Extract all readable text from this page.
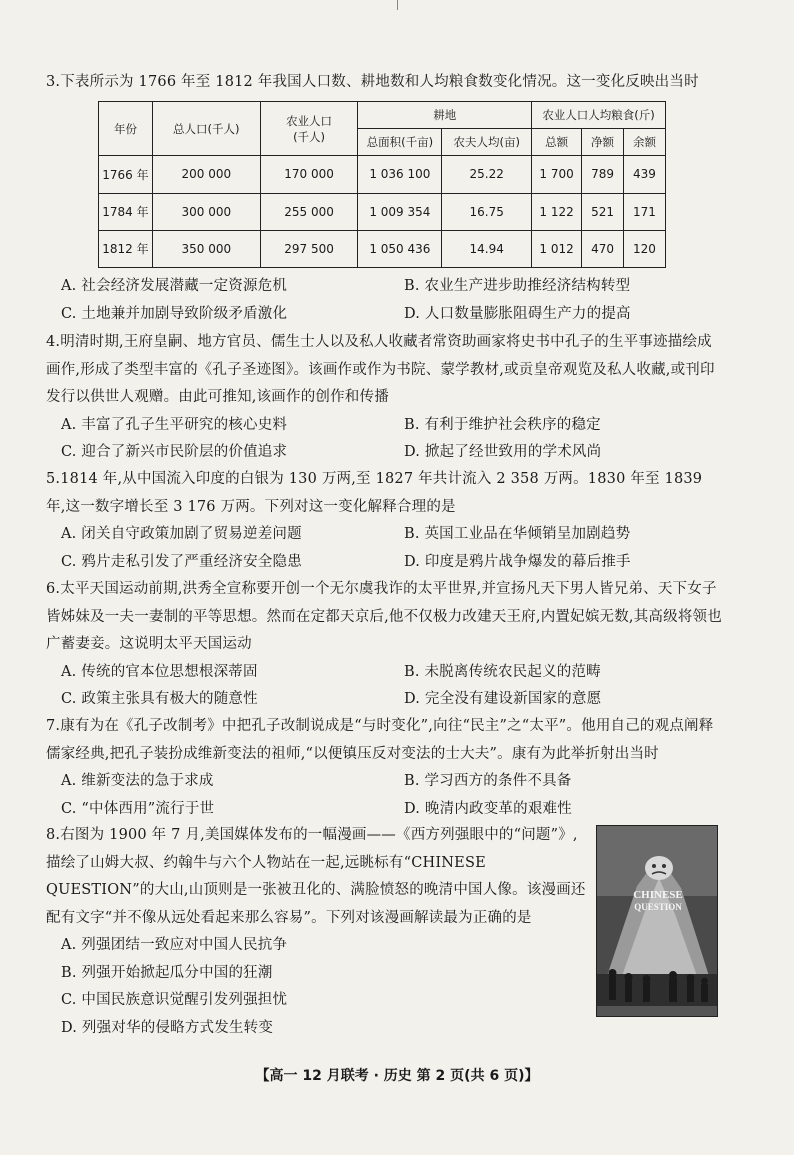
3.下表所示为 1766 年至 1812 年我国人口数、耕地数和人均粮食数变化情况。这一变化反映出当时
年份	总人口(千人)	农业人口
(千人)	耕地		农业人口人均粮食(斤)		
			总面积(千亩)	农夫人均(亩)	总额	净额	余额
1766 年	200 000	170 000	1 036 100	25.22	1 700	789	439
1784 年	300 000	255 000	1 009 354	16.75	1 122	521	171
1812 年	350 000	297 500	1 050 436	14.94	1 012	470	120
A. 社会经济发展潜藏一定资源危机	B. 农业生产进步助推经济结构转型
C. 土地兼并加剧导致阶级矛盾激化	D. 人口数量膨胀阻碍生产力的提高
4.明清时期,王府皇嗣、地方官员、儒生士人以及私人收藏者常资助画家将史书中孔子的生平事迹描绘成画作,形成了类型丰富的《孔子圣迹图》。该画作或作为书院、蒙学教材,或贡皇帝观览及私人收藏,或刊印发行以供世人观赠。由此可推知,该画作的创作和传播
A. 丰富了孔子生平研究的核心史料	B. 有利于维护社会秩序的稳定
C. 迎合了新兴市民阶层的价值追求	D. 掀起了经世致用的学术风尚
5.1814 年,从中国流入印度的白银为 130 万两,至 1827 年共计流入 2 358 万两。1830 年至 1839 年,这一数字增长至 3 176 万两。下列对这一变化解释合理的是
A. 闭关自守政策加剧了贸易逆差问题	B. 英国工业品在华倾销呈加剧趋势
C. 鸦片走私引发了严重经济安全隐患	D. 印度是鸦片战争爆发的幕后推手
6.太平天国运动前期,洪秀全宣称要开创一个无尔虞我诈的太平世界,并宣扬凡天下男人皆兄弟、天下女子皆姊妹及一夫一妻制的平等思想。然而在定都天京后,他不仅极力改建天王府,内置妃嫔无数,其高级将领也广蓄妻妾。这说明太平天国运动
A. 传统的官本位思想根深蒂固	B. 未脱离传统农民起义的范畴
C. 政策主张具有极大的随意性	D. 完全没有建设新国家的意愿
7.康有为在《孔子改制考》中把孔子改制说成是“与时变化”,向往“民主”之“太平”。他用自己的观点阐释儒家经典,把孔子装扮成维新变法的祖师,“以便镇压反对变法的士大夫”。康有为此举折射出当时
A. 维新变法的急于求成	B. 学习西方的条件不具备
C. “中体西用”流行于世	D. 晚清内政变革的艰难性
8.右图为 1900 年 7 月,美国媒体发布的一幅漫画——《西方列强眼中的“问题”》,描绘了山姆大叔、约翰牛与六个人物站在一起,远眺标有“CHINESE QUESTION”的大山,山顶则是一张被丑化的、满脸愤怒的晚清中国人像。该漫画还配有文字“并不像从远处看起来那么容易”。下列对该漫画解读最为正确的是
A. 列强团结一致应对中国人民抗争
B. 列强开始掀起瓜分中国的狂潮
C. 中国民族意识觉醒引发列强担忧
D. 列强对华的侵略方式发生转变
CHINESE
QUESTION
【高一 12 月联考 · 历史 第 2 页(共 6 页)】
